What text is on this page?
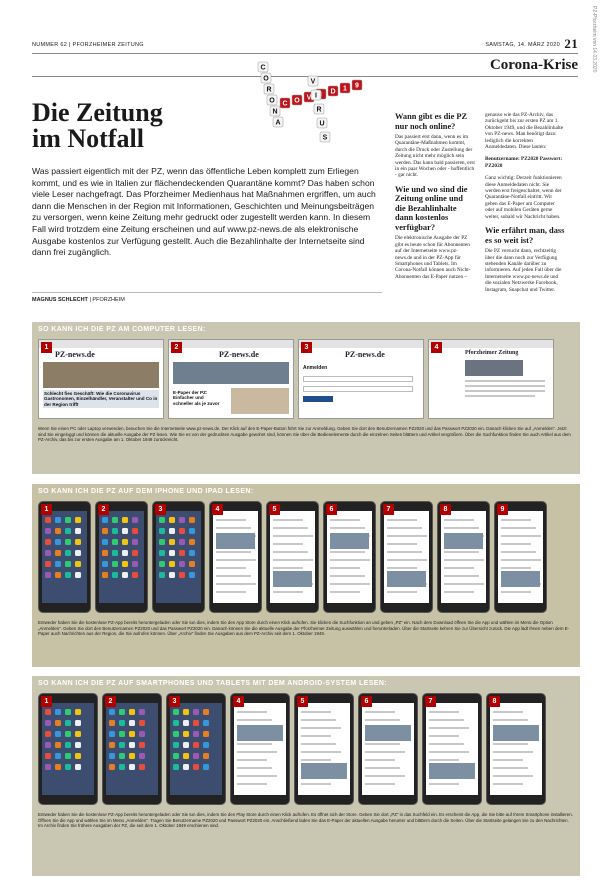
PZ-Pforzheim von 14.03.2020
NUMMER 62 | PFORZHEIMER ZEITUNG	SAMSTAG, 14. MÄRZ 2020 21
Corona-Krise
C
O
R
O
N
A
C O V
D 1 9
V
I
R
U
S
Die Zeitung
im Notfall
Was passiert eigentlich mit der PZ, wenn das öffentliche Leben komplett zum Erliegen kommt, und es wie in Italien zur flächendeckenden Quarantäne kommt? Das haben schon viele Leser nachgefragt. Das Pforzheimer Medienhaus hat Maßnahmen ergriffen, um auch dann die Menschen in der Region mit Informationen, Geschichten und Meinungsbeiträgen zu versorgen, wenn keine Zeitung mehr gedruckt oder zugestellt werden kann. In diesem Fall wird trotzdem eine Zeitung erscheinen und auf www.pz-news.de als elektronische Ausgabe kostenlos zur Verfügung gestellt. Auch die Bezahlinhalte der Internetseite sind dann frei zugänglich.
MAGNUS SCHLECHT | PFORZHEIM
Wann gibt es die PZ nur noch online?

Das passiert erst dann, wenn es im Quarantäne-Maßnahmen kommt, durch die Druck oder Zustellung der Zeitung nicht mehr möglich sein werden. Das kann bald passieren, erst in ein paar Wochen oder - hoffentlich - gar nicht.

Wie und wo sind die Zeitung online und die Bezahlinhalte dann kostenlos verfügbar?

Die elektronische Ausgabe der PZ gibt es heute schon für Abonnenten auf der Internetseite www.pz-news.de und in der PZ-App für Smartphones und Tablets. Im Corona-Notfall können auch Nicht-Abonnenten das E-Paper nutzen –

genauso wie das PZ-Archiv, das zurückgeht bis zur ersten PZ am 1. Oktober 1949, und die Bezahlinhalte von PZ-news. Man benötigt dazu lediglich die korrekten Anmeldedaten. Diese lauten:

Benutzername: PZ2020 Passwort: PZ2020

Ganz wichtig: Derzeit funktionieren diese Anmeldedaten nicht. Sie werden erst freigeschaltet, wenn der Quarantäne-Notfall eintritt. Wir geben das E-Paper am Computer oder auf mobilen Geräten gerne weiter, sobald wir Nachricht haben.

Wie erfährt man, dass es so weit ist?

Die PZ versucht dann, rechtzeitig über die dann noch zur Verfügung stehenden Kanäle darüber zu informieren. Auf jeden Fall über die Internetseite www.pz-news.de und die sozialen Netzwerke Facebook, Instagram, Snapchat und Twitter.

SO KANN ICH DIE PZ AM COMPUTER LESEN:
1
PZ-news.de
Schlecht fies Geschäft: Wie die Coronavirus Gastronomen, Einzelhändler, Veranstalter und Co in der Region trifft
2
PZ-news.de
E-Paper der PZ: Einfacher und schneller als je zuvor
3
PZ-news.de
Anmelden
4
Pforzheimer Zeitung
Wenn Sie einen PC oder Laptop verwenden, besuchen Sie die Internetseite www.pz-news.de. Der Klick auf den E-Paper-Button führt Sie zur Anmeldung. Geben Sie dort den Benutzernamen PZ2020 und das Passwort PZ2020 ein. Danach klicken Sie auf „Anmelden“. Jetzt sind Sie eingeloggt und können die aktuelle Ausgabe der PZ lesen. Wie Sie es von der gedruckten Ausgabe gewohnt sind, können Sie über die Bedienelemente durch die einzelnen Seiten blättern und Artikel vergrößern. Über die Suchfunktion finden Sie auch Artikel aus dem PZ-Archiv, das bis zur ersten Ausgabe am 1. Oktober 1949 zurückreicht.
SO KANN ICH DIE PZ AUF DEM IPHONE UND IPAD LESEN:
1	2	3	4	5	6	7	8	9
Entweder haben Sie die kostenlose PZ-App bereits heruntergeladen oder Sie tun dies, indem Sie den App Store durch einen Klick aufrufen. Sie klicken die Suchfunktion an und geben „PZ“ ein. Nach dem Download öffnen Sie die App und wählen im Menü die Option „Anmelden“. Geben Sie dort den Benutzernamen PZ2020 und das Passwort PZ2020 ein. Danach können Sie die aktuelle Ausgabe der Pforzheimer Zeitung auswählen und herunterladen. Über die Startseite kehren Sie zur Übersicht zurück. Die App lädt Ihnen neben dem E-Paper auch Nachrichten aus der Region, die Sie aufrufen können. Über „Archiv“ finden Sie Ausgaben aus dem PZ-Archiv seit dem 1. Oktober 1949.
SO KANN ICH DIE PZ AUF SMARTPHONES UND TABLETS MIT DEM ANDROID-SYSTEM LESEN:
1	2	3	4	5	6	7	8
Entweder haben Sie die kostenlose PZ-App bereits heruntergeladen oder Sie tun dies, indem Sie den Play Store durch einen Klick aufrufen. Es öffnet sich der Store. Geben Sie dort „PZ“ in das Suchfeld ein. Es erscheint die App, die Sie bitte auf Ihrem Smartphone installieren. Öffnen Sie die App und wählen Sie im Menü „Anmelden“. Tragen Sie Benutzername PZ2020 und Passwort PZ2020 ein. Anschließend laden Sie das E-Paper der aktuellen Ausgabe herunter und blättern durch die Seiten. Über die Startseite gelangen Sie zu den Nachrichten. Im Archiv finden Sie frühere Ausgaben der PZ, die seit dem 1. Oktober 1949 erschienen sind.
